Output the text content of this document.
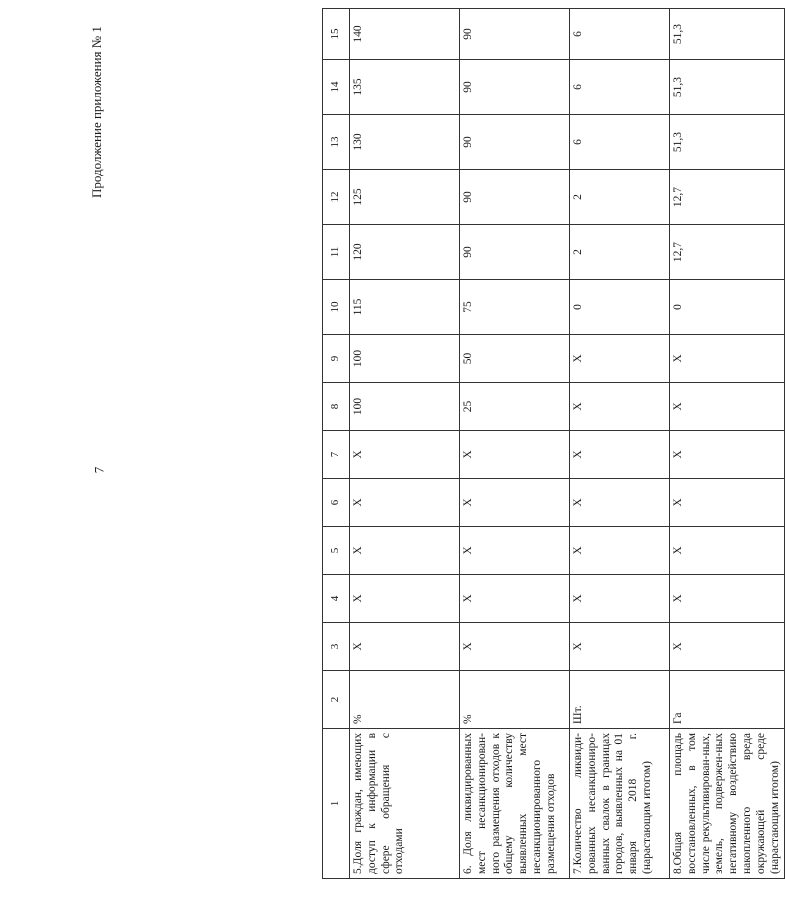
7
Продолжение приложения № 1
1	2	3	4	5	6	7	8	9	10	11	12	13	14	15
5.Доля граждан, имеющих доступ к информации в сфере обращения с отходами	%	X	X	X	X	X	100	100	115	120	125	130	135	140
6. Доля ликвидированных мест несанкционирован-ного размещения отходов к общему количеству выявленных мест несанкционированного размещения отходов	%	X	X	X	X	X	25	50	75	90	90	90	90	90
7.Количество ликвиди-рованных несанкциониро-ванных свалок в границах городов, выявленных на 01 января 2018 г. (нарастающим итогом)	Шт.	X	X	X	X	X	X	X	0	2	2	6	6	6
8.Общая площадь восстановленных, в том числе рекультивирован-ных, земель, подвержен-ных негативному воздействию накопленного вреда окружающей среде (нарастающим итогом)	Га	X	X	X	X	X	X	X	0	12,7	12,7	51,3	51,3	51,3
